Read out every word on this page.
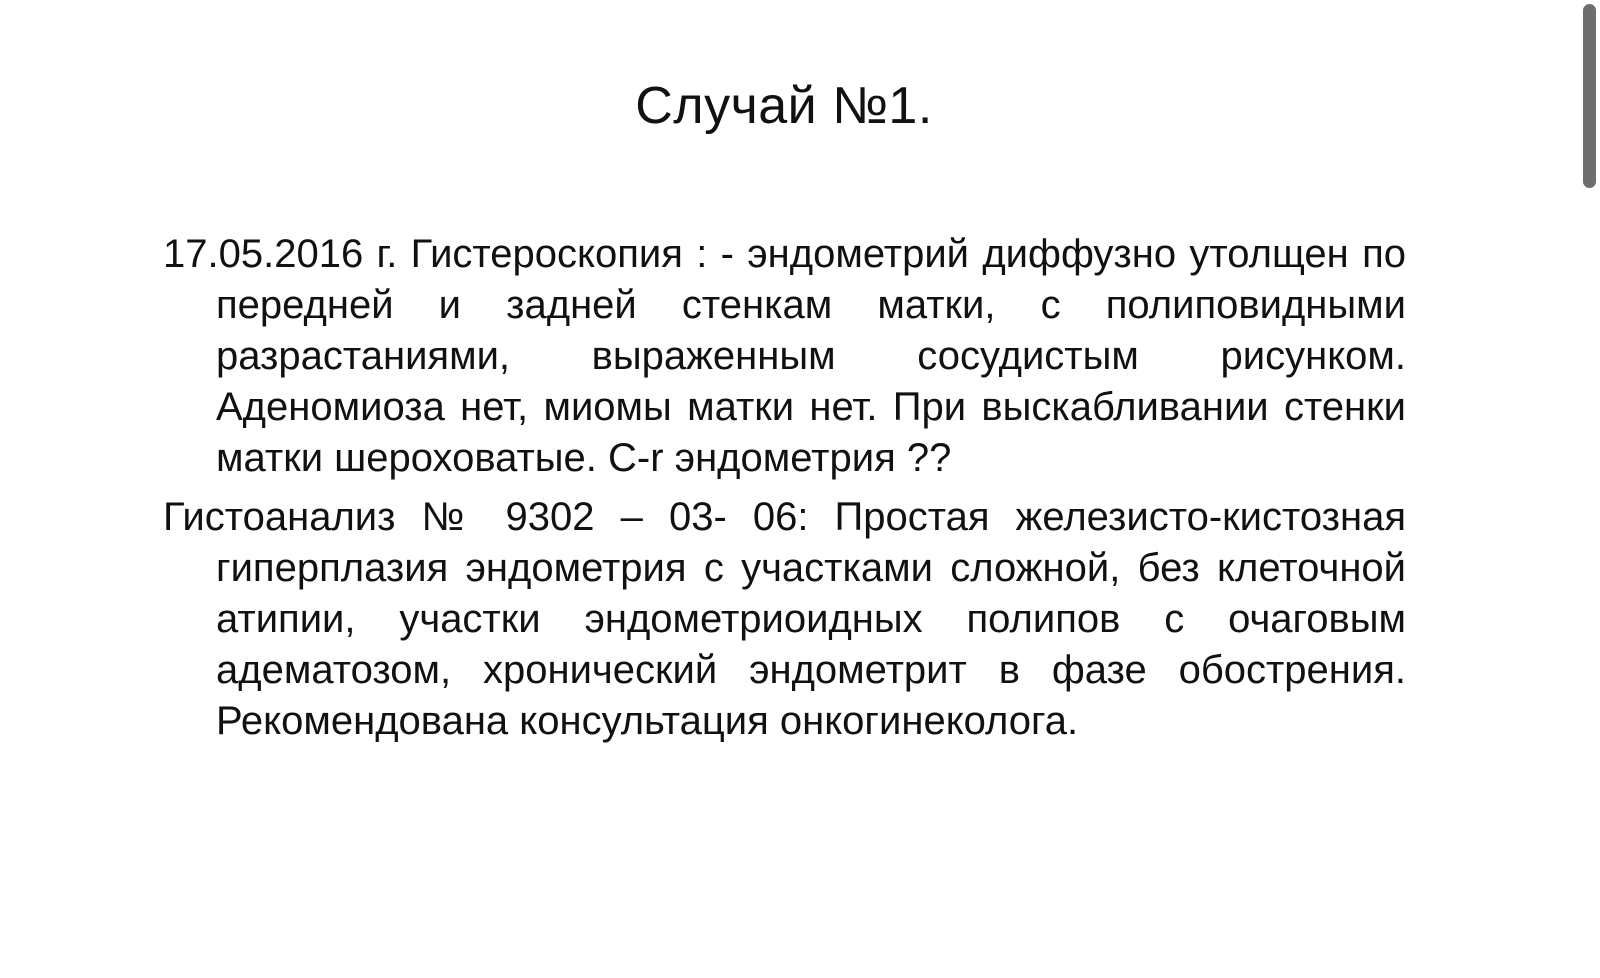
Случай №1.

17.05.2016 г. Гистероскопия : - эндометрий диффузно утолщен по передней и задней стенкам матки, с полиповидными разрастаниями, выраженным сосудистым рисунком. Аденомиоза нет, миомы матки нет. При выскабливании стенки матки шероховатые. C-r эндометрия ??

Гистоанализ № 9302 – 03- 06: Простая железисто-кистозная гиперплазия эндометрия с участками сложной, без клеточной атипии, участки эндометриоидных полипов с очаговым адематозом, хронический эндометрит в фазе обострения. Рекомендована консультация онкогинеколога.
